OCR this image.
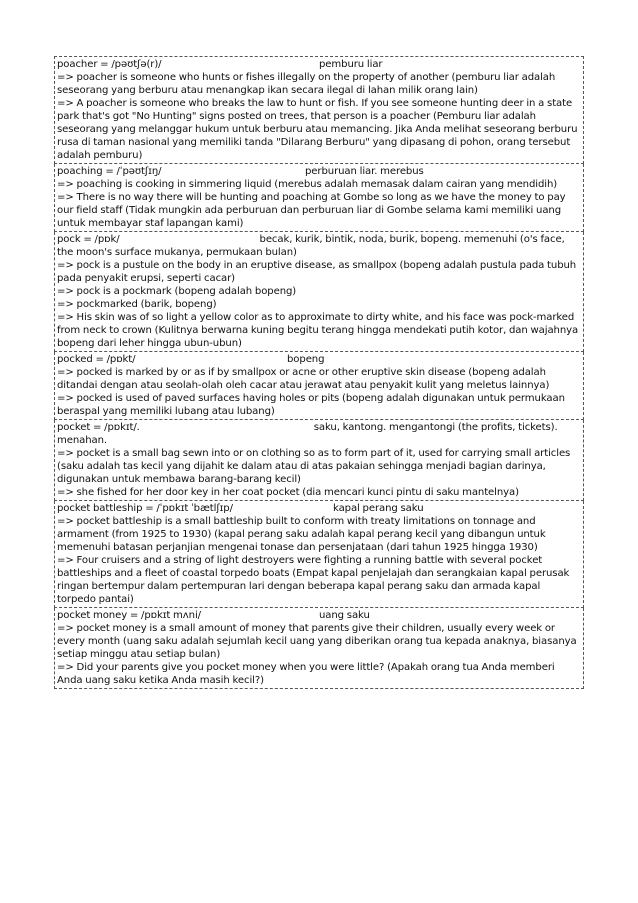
poacher = /pəʊtʃə(r)/	pemburu liar
=> poacher is someone who hunts or fishes illegally on the property of another (pemburu liar adalah seseorang yang berburu atau menangkap ikan secara ilegal di lahan milik orang lain)
=> A poacher is someone who breaks the law to hunt or fish. If you see someone hunting deer in a state park that's got "No Hunting" signs posted on trees, that person is a poacher (Pemburu liar adalah seseorang yang melanggar hukum untuk berburu atau memancing. Jika Anda melihat seseorang berburu rusa di taman nasional yang memiliki tanda "Dilarang Berburu" yang dipasang di pohon, orang tersebut adalah pemburu)
poaching = /ˈpəʊtʃɪŋ/	perburuan liar. merebus
=> poaching is cooking in simmering liquid (merebus adalah memasak dalam cairan yang mendidih)
=> There is no way there will be hunting and poaching at Gombe so long as we have the money to pay our field staff (Tidak mungkin ada perburuan dan perburuan liar di Gombe selama kami memiliki uang untuk membayar staf lapangan kami)
pock = /pɒk/	becak, kurik, bintik, noda, burik, bopeng. memenuhi (o's face, the moon's surface mukanya, permukaan bulan)
=> pock is a pustule on the body in an eruptive disease, as smallpox (bopeng adalah pustula pada tubuh pada penyakit erupsi, seperti cacar)
=> pock is a pockmark (bopeng adalah bopeng)
=> pockmarked (barik, bopeng)
=> His skin was of so light a yellow color as to approximate to dirty white, and his face was pock-marked from neck to crown (Kulitnya berwarna kuning begitu terang hingga mendekati putih kotor, dan wajahnya bopeng dari leher hingga ubun-ubun)
pocked = /pɒkt/	bopeng
=> pocked is marked by or as if by smallpox or acne or other eruptive skin disease (bopeng adalah ditandai dengan atau seolah-olah oleh cacar atau jerawat atau penyakit kulit yang meletus lainnya)
=> pocked is used of paved surfaces having holes or pits (bopeng adalah digunakan untuk permukaan beraspal yang memiliki lubang atau lubang)
pocket = /pɒkɪt/.	saku, kantong. mengantongi (the profits, tickets). menahan.
=> pocket is a small bag sewn into or on clothing so as to form part of it, used for carrying small articles (saku adalah tas kecil yang dijahit ke dalam atau di atas pakaian sehingga menjadi bagian darinya, digunakan untuk membawa barang-barang kecil)
=> she fished for her door key in her coat pocket (dia mencari kunci pintu di saku mantelnya)
pocket battleship = /ˈpɒkɪt ˈbætlʃɪp/	kapal perang saku
=> pocket battleship is a small battleship built to conform with treaty limitations on tonnage and armament (from 1925 to 1930) (kapal perang saku adalah kapal perang kecil yang dibangun untuk memenuhi batasan perjanjian mengenai tonase dan persenjataan (dari tahun 1925 hingga 1930)
=> Four cruisers and a string of light destroyers were fighting a running battle with several pocket battleships and a fleet of coastal torpedo boats (Empat kapal penjelajah dan serangkaian kapal perusak ringan bertempur dalam pertempuran lari dengan beberapa kapal perang saku dan armada kapal torpedo pantai)
pocket money = /pɒkɪt mʌni/	uang saku
=> pocket money is a small amount of money that parents give their children, usually every week or every month (uang saku adalah sejumlah kecil uang yang diberikan orang tua kepada anaknya, biasanya setiap minggu atau setiap bulan)
=> Did your parents give you pocket money when you were little? (Apakah orang tua Anda memberi Anda uang saku ketika Anda masih kecil?)
